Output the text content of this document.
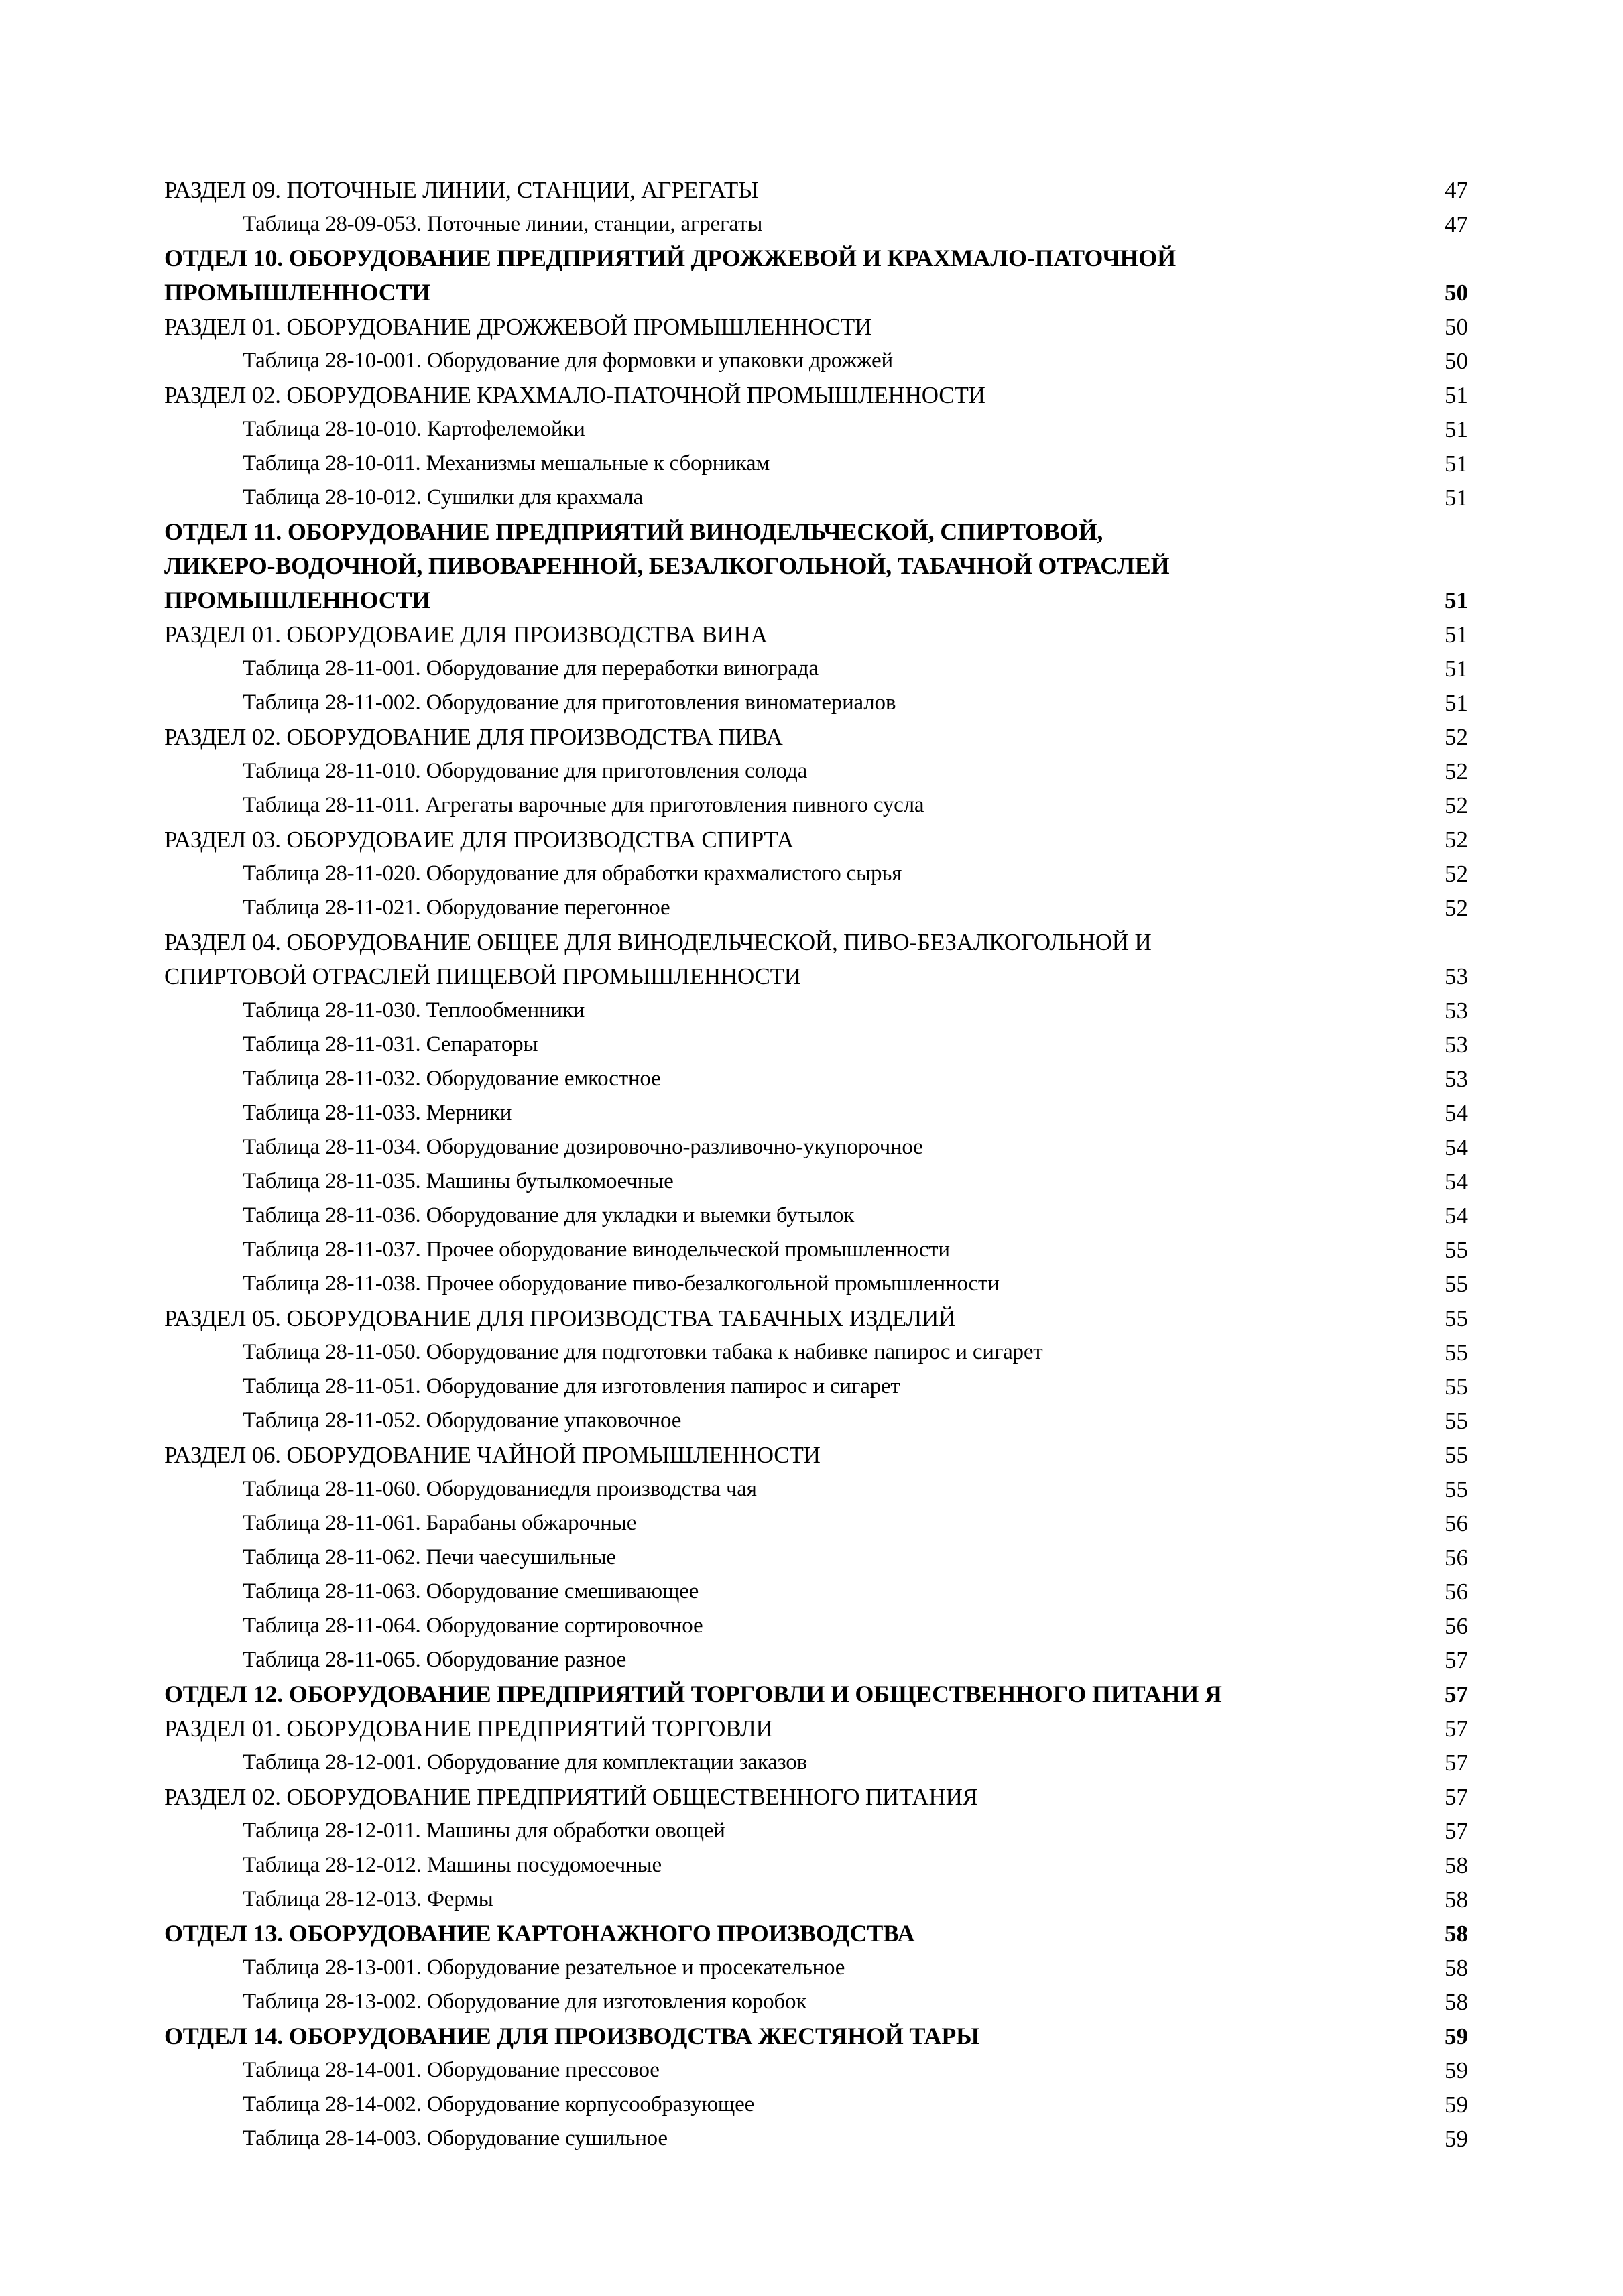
РАЗДЕЛ 09. ПОТОЧНЫЕ ЛИНИИ, СТАНЦИИ, АГРЕГАТЫ	47
Таблица 28-09-053. Поточные линии, станции, агрегаты	47
ОТДЕЛ 10. ОБОРУДОВАНИЕ ПРЕДПРИЯТИЙ ДРОЖЖЕВОЙ И КРАХМАЛО-ПАТОЧНОЙ
ПРОМЫШЛЕННОСТИ	50
РАЗДЕЛ 01. ОБОРУДОВАНИЕ ДРОЖЖЕВОЙ ПРОМЫШЛЕННОСТИ	50
Таблица 28-10-001. Оборудование для формовки и упаковки дрожжей	50
РАЗДЕЛ 02. ОБОРУДОВАНИЕ КРАХМАЛО-ПАТОЧНОЙ ПРОМЫШЛЕННОСТИ	51
Таблица 28-10-010. Картофелемойки	51
Таблица 28-10-011. Механизмы мешальные к сборникам	51
Таблица 28-10-012. Сушилки для крахмала	51
ОТДЕЛ 11. ОБОРУДОВАНИЕ ПРЕДПРИЯТИЙ ВИНОДЕЛЬЧЕСКОЙ, СПИРТОВОЙ,
ЛИКЕРО-ВОДОЧНОЙ, ПИВОВАРЕННОЙ, БЕЗАЛКОГОЛЬНОЙ, ТАБАЧНОЙ ОТРАСЛЕЙ
ПРОМЫШЛЕННОСТИ	51
РАЗДЕЛ 01. ОБОРУДОВАИЕ ДЛЯ ПРОИЗВОДСТВА ВИНА	51
Таблица 28-11-001. Оборудование для переработки винограда	51
Таблица 28-11-002. Оборудование для приготовления виноматериалов	51
РАЗДЕЛ 02. ОБОРУДОВАНИЕ ДЛЯ ПРОИЗВОДСТВА ПИВА	52
Таблица 28-11-010. Оборудование для приготовления солода	52
Таблица 28-11-011. Агрегаты варочные для приготовления пивного сусла	52
РАЗДЕЛ 03. ОБОРУДОВАИЕ ДЛЯ ПРОИЗВОДСТВА СПИРТА	52
Таблица 28-11-020. Оборудование для обработки крахмалистого сырья	52
Таблица 28-11-021. Оборудование перегонное	52
РАЗДЕЛ 04. ОБОРУДОВАНИЕ ОБЩЕЕ ДЛЯ ВИНОДЕЛЬЧЕСКОЙ, ПИВО-БЕЗАЛКОГОЛЬНОЙ И
СПИРТОВОЙ ОТРАСЛЕЙ ПИЩЕВОЙ ПРОМЫШЛЕННОСТИ	53
Таблица 28-11-030. Теплообменники	53
Таблица 28-11-031. Сепараторы	53
Таблица 28-11-032. Оборудование емкостное	53
Таблица 28-11-033. Мерники	54
Таблица 28-11-034. Оборудование дозировочно-разливочно-укупорочное	54
Таблица 28-11-035. Машины бутылкомоечные	54
Таблица 28-11-036. Оборудование для укладки и выемки бутылок	54
Таблица 28-11-037. Прочее оборудование винодельческой промышленности	55
Таблица 28-11-038. Прочее оборудование пиво-безалкогольной промышленности	55
РАЗДЕЛ 05. ОБОРУДОВАНИЕ ДЛЯ ПРОИЗВОДСТВА ТАБАЧНЫХ ИЗДЕЛИЙ	55
Таблица 28-11-050. Оборудование для подготовки табака к набивке папирос и сигарет	55
Таблица 28-11-051. Оборудование для изготовления папирос и сигарет	55
Таблица 28-11-052. Оборудование упаковочное	55
РАЗДЕЛ 06. ОБОРУДОВАНИЕ ЧАЙНОЙ ПРОМЫШЛЕННОСТИ	55
Таблица 28-11-060. Оборудованиедля производства чая	55
Таблица 28-11-061. Барабаны обжарочные	56
Таблица 28-11-062. Печи чаесушильные	56
Таблица 28-11-063. Оборудование смешивающее	56
Таблица 28-11-064. Оборудование сортировочное	56
Таблица 28-11-065. Оборудование разное	57
ОТДЕЛ 12. ОБОРУДОВАНИЕ ПРЕДПРИЯТИЙ ТОРГОВЛИ И ОБЩЕСТВЕННОГО ПИТАНИ Я	57
РАЗДЕЛ 01. ОБОРУДОВАНИЕ ПРЕДПРИЯТИЙ ТОРГОВЛИ	57
Таблица 28-12-001. Оборудование для комплектации заказов	57
РАЗДЕЛ 02. ОБОРУДОВАНИЕ ПРЕДПРИЯТИЙ ОБЩЕСТВЕННОГО ПИТАНИЯ	57
Таблица 28-12-011. Машины для обработки овощей	57
Таблица 28-12-012. Машины посудомоечные	58
Таблица 28-12-013. Фермы	58
ОТДЕЛ 13. ОБОРУДОВАНИЕ КАРТОНАЖНОГО ПРОИЗВОДСТВА	58
Таблица 28-13-001. Оборудование резательное и просекательное	58
Таблица 28-13-002. Оборудование для изготовления коробок	58
ОТДЕЛ 14. ОБОРУДОВАНИЕ ДЛЯ ПРОИЗВОДСТВА ЖЕСТЯНОЙ ТАРЫ	59
Таблица 28-14-001. Оборудование прессовое	59
Таблица 28-14-002. Оборудование корпусообразующее	59
Таблица 28-14-003. Оборудование сушильное	59
